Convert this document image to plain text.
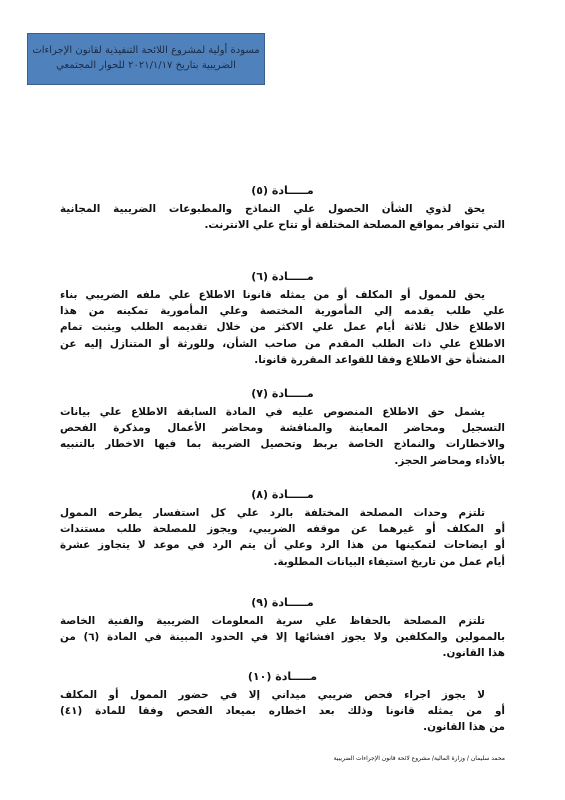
مسودة أولية لمشروع اللائحة التنفيذية لقانون الإجراءات
الضريبية بتاريخ ٢٠٢١/١/١٧ للحوار المجتمعي
مـــــادة (٥)
يحق لذوي الشأن الحصول علي النماذج والمطبوعات الضريبية المجانية
التي تتوافر بمواقع المصلحة المختلفة أو تتاح علي الانترنت.
مـــــادة (٦)
يحق للممول أو المكلف أو من يمثله قانونا الاطلاع علي ملفه الضريبي بناء
علي طلب يقدمه إلي المأمورية المختصة وعلي المأمورية تمكينه من هذا
الاطلاع خلال ثلاثة أيام عمل علي الاكثر من خلال تقديمه الطلب ويثبت تمام
الاطلاع علي ذات الطلب المقدم من صاحب الشأن، وللورثة أو المتنازل إليه عن
المنشأة حق الاطلاع وفقا للقواعد المقررة قانونا.
مـــــادة (٧)
يشمل حق الاطلاع المنصوص عليه في المادة السابقة الاطلاع علي بيانات
التسجيل ومحاضر المعاينة والمناقشة ومحاضر الأعمال ومذكرة الفحص
والاخطارات والنماذج الخاصة بربط وتحصيل الضريبة بما فيها الاخطار بالتنبيه
بالأداء ومحاضر الحجز.
مـــــادة (٨)
تلتزم وحدات المصلحة المختلفة بالرد علي كل استفسار يطرحه الممول
أو المكلف أو غيرهما عن موقفه الضريبي، ويجوز للمصلحة طلب مستندات
أو ايضاحات لتمكينها من هذا الرد وعلي أن يتم الرد في موعد لا يتجاوز عشرة
أيام عمل من تاريخ استيفاء البيانات المطلوبة.
مـــــادة (٩)
تلتزم المصلحة بالحفاظ علي سرية المعلومات الضريبية والفنية الخاصة
بالممولين والمكلفين ولا يجوز افشائها إلا في الحدود المبينة في المادة (٦) من
هذا القانون.
مـــــادة (١٠)
لا يجوز اجراء فحص ضريبي ميداني إلا في حضور الممول أو المكلف
أو من يمثله قانونا وذلك بعد اخطاره بميعاد الفحص وفقا للمادة (٤١)
من هذا القانون.
محمد سليمان / وزارة المالية/ مشروع لائحة قانون الإجراءات الضريبية
